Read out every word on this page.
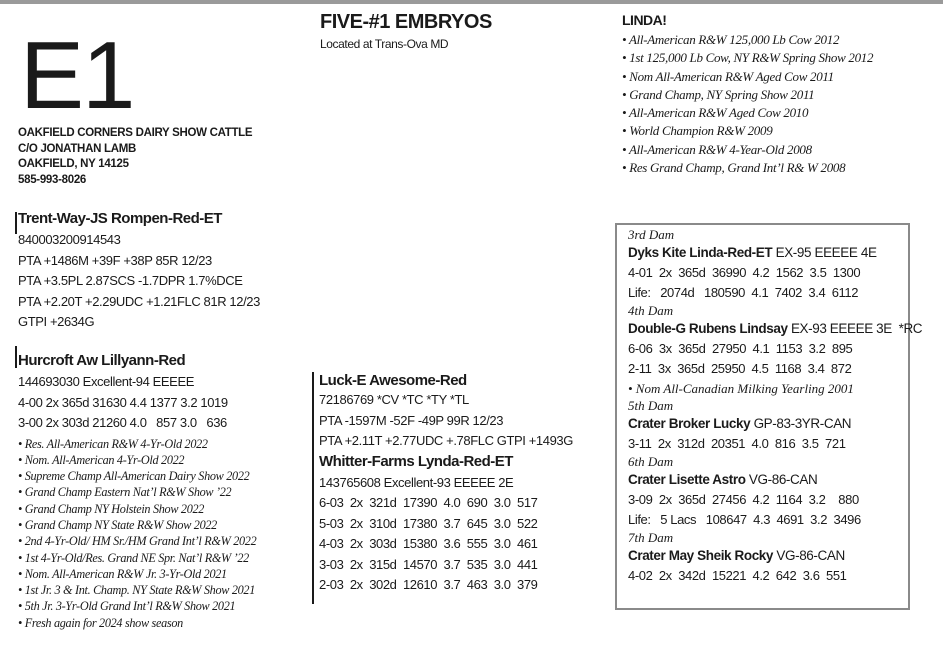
E1
OAKFIELD CORNERS DAIRY SHOW CATTLE
C/O JONATHAN LAMB
OAKFIELD, NY 14125
585-993-8026
FIVE-#1 EMBRYOS
Located at Trans-Ova MD
Trent-Way-JS Rompen-Red-ET
840003200914543
PTA +1486M +39F +38P 85R 12/23
PTA +3.5PL 2.87SCS -1.7DPR 1.7%DCE
PTA +2.20T +2.29UDC +1.21FLC 81R 12/23
GTPI +2634G
Hurcroft Aw Lillyann-Red
144693030 Excellent-94 EEEEE
4-00 2x 365d 31630 4.4 1377 3.2 1019
3-00 2x 303d 21260 4.0   857 3.0   636
• Res. All-American R&W 4-Yr-Old 2022
• Nom. All-American 4-Yr-Old 2022
• Supreme Champ All-American Dairy Show 2022
• Grand Champ Eastern Nat’l R&W Show ’22
• Grand Champ NY Holstein Show 2022
• Grand Champ NY State R&W Show 2022
• 2nd 4-Yr-Old/ HM Sr./HM Grand Int’l R&W 2022
• 1st 4-Yr-Old/Res. Grand NE Spr. Nat’l R&W ’22
• Nom. All-American R&W Jr. 3-Yr-Old 2021
• 1st Jr. 3 & Int. Champ. NY State R&W Show 2021
• 5th Jr. 3-Yr-Old Grand Int’l R&W Show 2021
• Fresh again for 2024 show season
Luck-E Awesome-Red
72186769 *CV *TC *TY *TL
PTA -1597M -52F -49P 99R 12/23
PTA +2.11T +2.77UDC +.78FLC GTPI +1493G
Whitter-Farms Lynda-Red-ET
143765608 Excellent-93 EEEEE 2E
6-03  2x  321d  17390  4.0  690  3.0  517
5-03  2x  310d  17380  3.7  645  3.0  522
4-03  2x  303d  15380  3.6  555  3.0  461
3-03  2x  315d  14570  3.7  535  3.0  441
2-03  2x  302d  12610  3.7  463  3.0  379
LINDA!
• All-American R&W 125,000 Lb Cow 2012
• 1st 125,000 Lb Cow, NY R&W Spring Show 2012
• Nom All-American R&W Aged Cow 2011
• Grand Champ, NY Spring Show 2011
• All-American R&W Aged Cow 2010
• World Champion R&W 2009
• All-American R&W 4-Year-Old 2008
• Res Grand Champ, Grand Int’l R& W 2008
3rd Dam
Dyks Kite Linda-Red-ET EX-95 EEEEE 4E
4-01  2x  365d  36990  4.2  1562  3.5  1300
Life:   2074d   180590  4.1  7402  3.4  6112
4th Dam
Double-G Rubens Lindsay EX-93 EEEEE 3E  *RC
6-06  3x  365d  27950  4.1  1153  3.2  895
2-11  3x  365d  25950  4.5  1168  3.4  872
• Nom All-Canadian Milking Yearling 2001
5th Dam
Crater Broker Lucky GP-83-3YR-CAN
3-11  2x  312d  20351  4.0  816  3.5  721
6th Dam
Crater Lisette Astro VG-86-CAN
3-09  2x  365d  27456  4.2  1164  3.2    880
Life:   5 Lacs   108647  4.3  4691  3.2  3496
7th Dam
Crater May Sheik Rocky VG-86-CAN
4-02  2x  342d  15221  4.2  642  3.6  551
